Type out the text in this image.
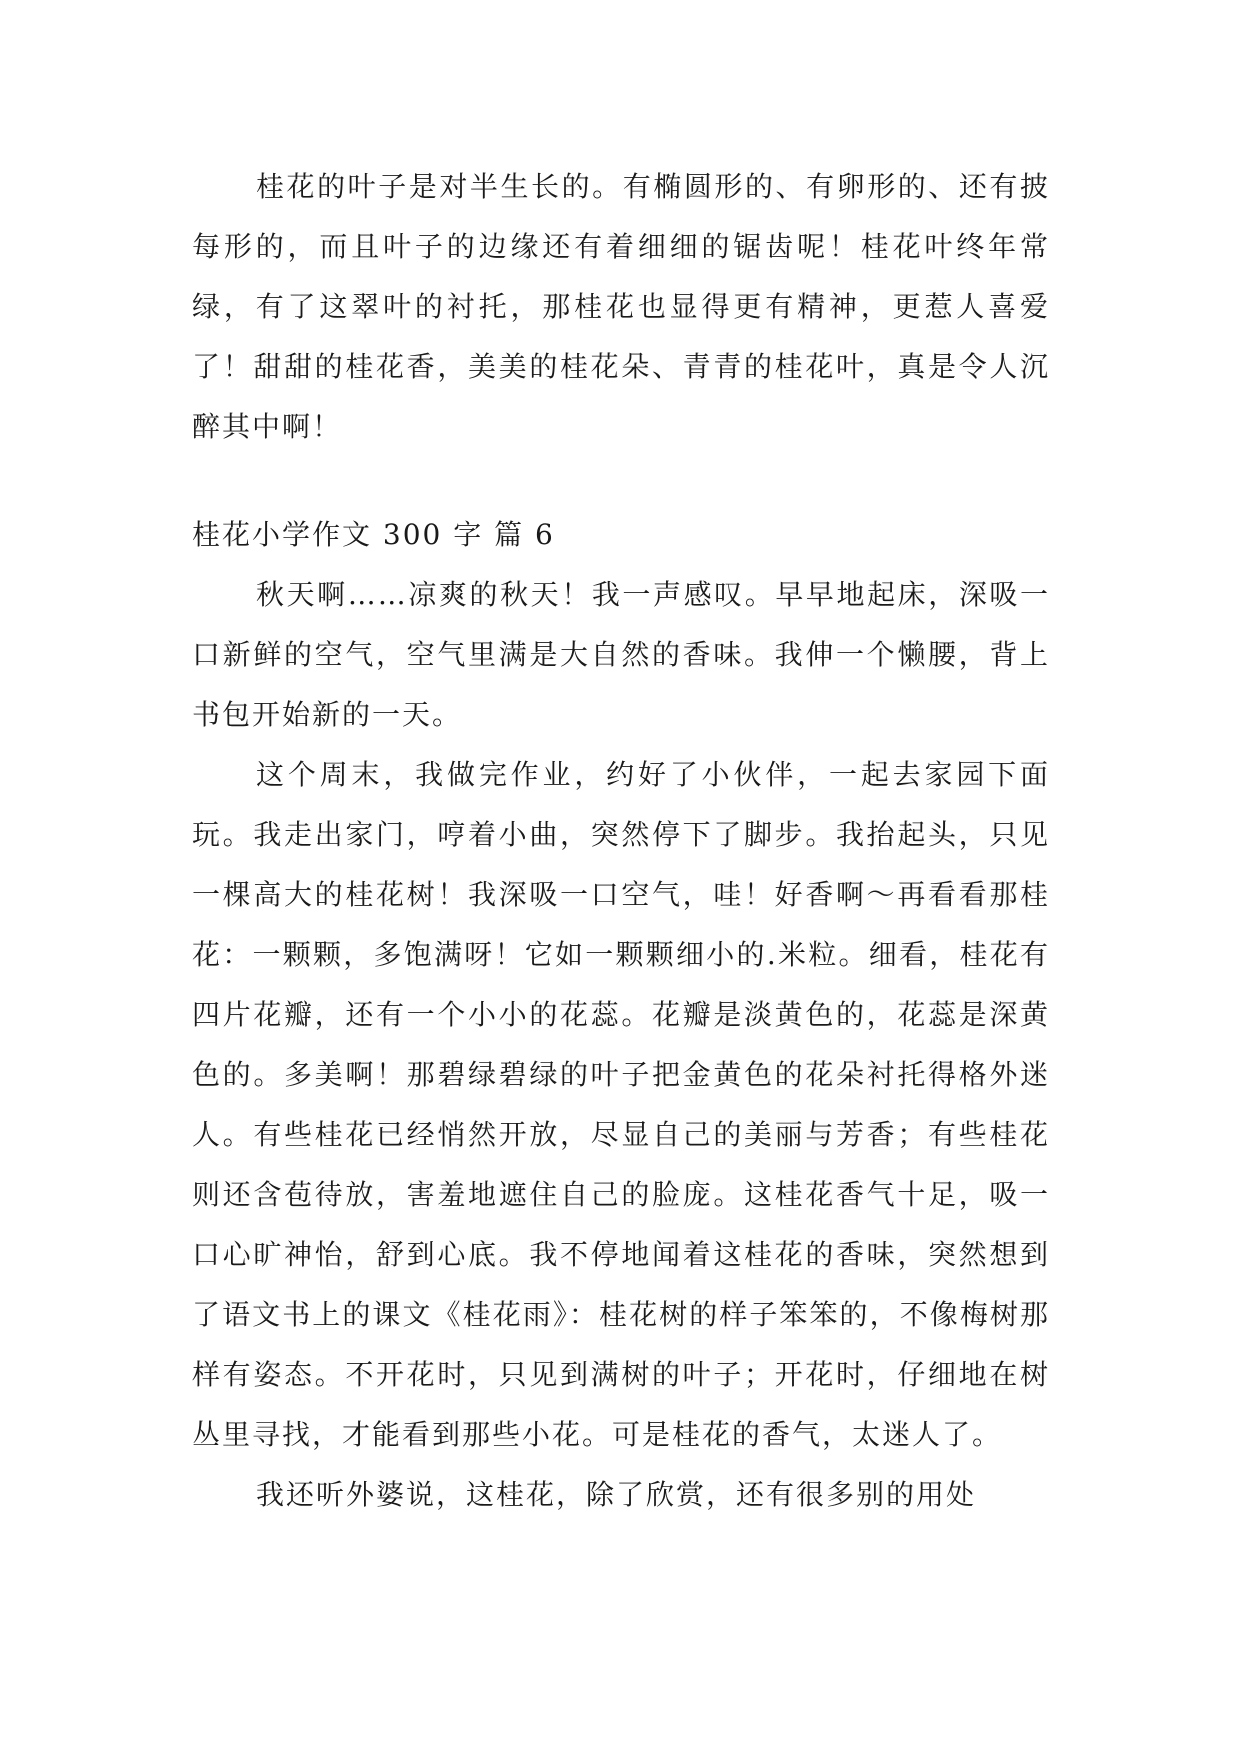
桂花的叶子是对半生长的。有椭圆形的、有卵形的、还有披每形的，而且叶子的边缘还有着细细的锯齿呢！桂花叶终年常绿，有了这翠叶的衬托，那桂花也显得更有精神，更惹人喜爱了！甜甜的桂花香，美美的桂花朵、青青的桂花叶，真是令人沉醉其中啊！

桂花小学作文 300 字 篇 6

秋天啊……凉爽的秋天！我一声感叹。早早地起床，深吸一口新鲜的空气，空气里满是大自然的香味。我伸一个懒腰，背上书包开始新的一天。

这个周末，我做完作业，约好了小伙伴，一起去家园下面玩。我走出家门，哼着小曲，突然停下了脚步。我抬起头，只见一棵高大的桂花树！我深吸一口空气，哇！好香啊～再看看那桂花：一颗颗，多饱满呀！它如一颗颗细小的.米粒。细看，桂花有四片花瓣，还有一个小小的花蕊。花瓣是淡黄色的，花蕊是深黄色的。多美啊！那碧绿碧绿的叶子把金黄色的花朵衬托得格外迷人。有些桂花已经悄然开放，尽显自己的美丽与芳香；有些桂花则还含苞待放，害羞地遮住自己的脸庞。这桂花香气十足，吸一口心旷神怡，舒到心底。我不停地闻着这桂花的香味，突然想到了语文书上的课文《桂花雨》：桂花树的样子笨笨的，不像梅树那样有姿态。不开花时，只见到满树的叶子；开花时，仔细地在树丛里寻找，才能看到那些小花。可是桂花的香气，太迷人了。

我还听外婆说，这桂花，除了欣赏，还有很多别的用处
